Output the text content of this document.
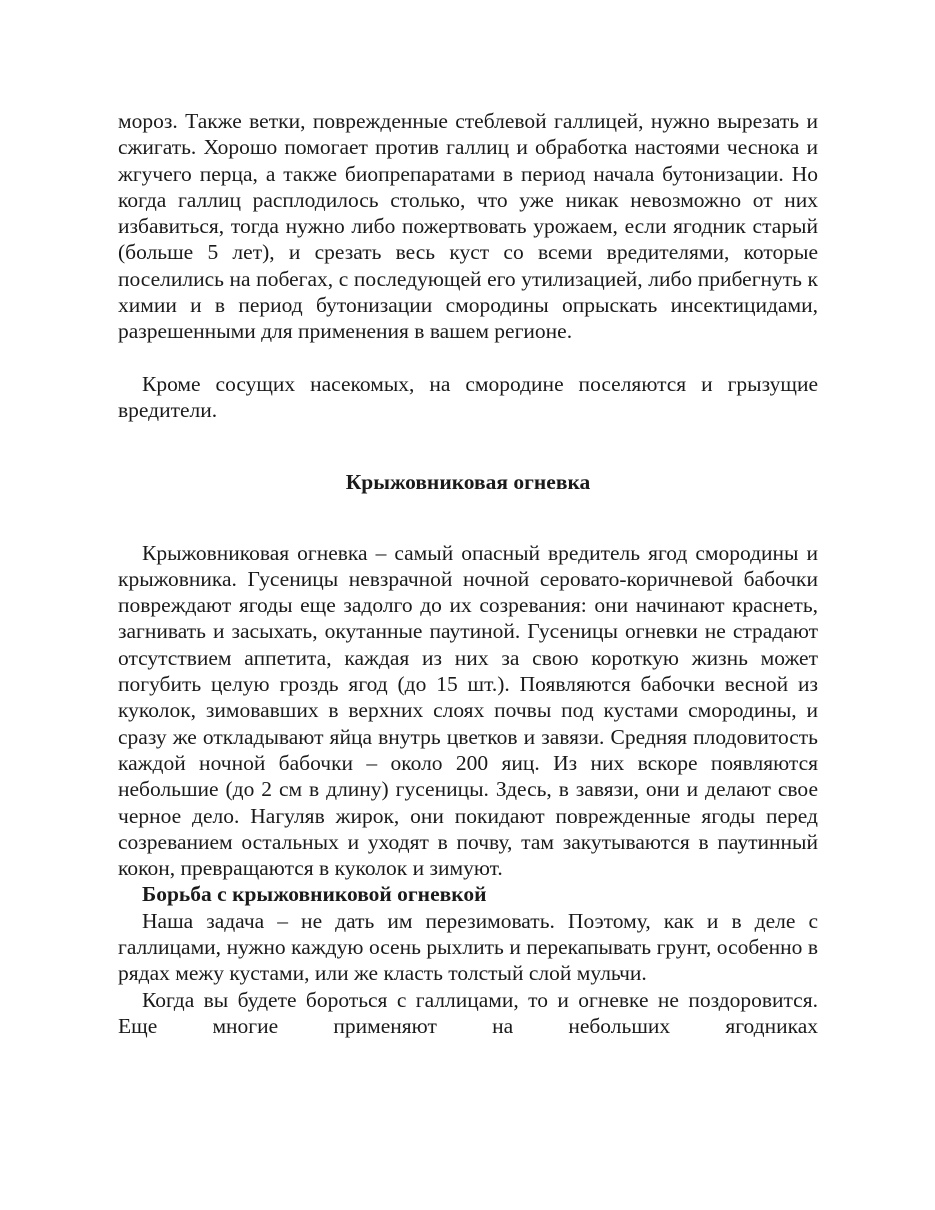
мороз. Также ветки, поврежденные стеблевой галлицей, нужно вырезать и сжигать. Хорошо помогает против галлиц и обработка настоями чеснока и жгучего перца, а также биопрепаратами в период начала бутонизации. Но когда галлиц расплодилось столько, что уже никак невозможно от них избавиться, тогда нужно либо пожертвовать урожаем, если ягодник старый (больше 5 лет), и срезать весь куст со всеми вредителями, которые поселились на побегах, с последующей его утилизацией, либо прибегнуть к химии и в период бутонизации смородины опрыскать инсектицидами, разрешенными для применения в вашем регионе.

Кроме сосущих насекомых, на смородине поселяются и грызущие вредители.

Крыжовниковая огневка

Крыжовниковая огневка – самый опасный вредитель ягод смородины и крыжовника. Гусеницы невзрачной ночной серовато-коричневой бабочки повреждают ягоды еще задолго до их созревания: они начинают краснеть, загнивать и засыхать, окутанные паутиной. Гусеницы огневки не страдают отсутствием аппетита, каждая из них за свою короткую жизнь может погубить целую гроздь ягод (до 15 шт.). Появляются бабочки весной из куколок, зимовавших в верхних слоях почвы под кустами смородины, и сразу же откладывают яйца внутрь цветков и завязи. Средняя плодовитость каждой ночной бабочки – около 200 яиц. Из них вскоре появляются небольшие (до 2 см в длину) гусеницы. Здесь, в завязи, они и делают свое черное дело. Нагуляв жирок, они покидают поврежденные ягоды перед созреванием остальных и уходят в почву, там закутываются в паутинный кокон, превращаются в куколок и зимуют.

Борьба с крыжовниковой огневкой

Наша задача – не дать им перезимовать. Поэтому, как и в деле с галлицами, нужно каждую осень рыхлить и перекапывать грунт, особенно в рядах межу кустами, или же класть толстый слой мульчи.

Когда вы будете бороться с галлицами, то и огневке не поздоровится. Еще многие применяют на небольших ягодниках
